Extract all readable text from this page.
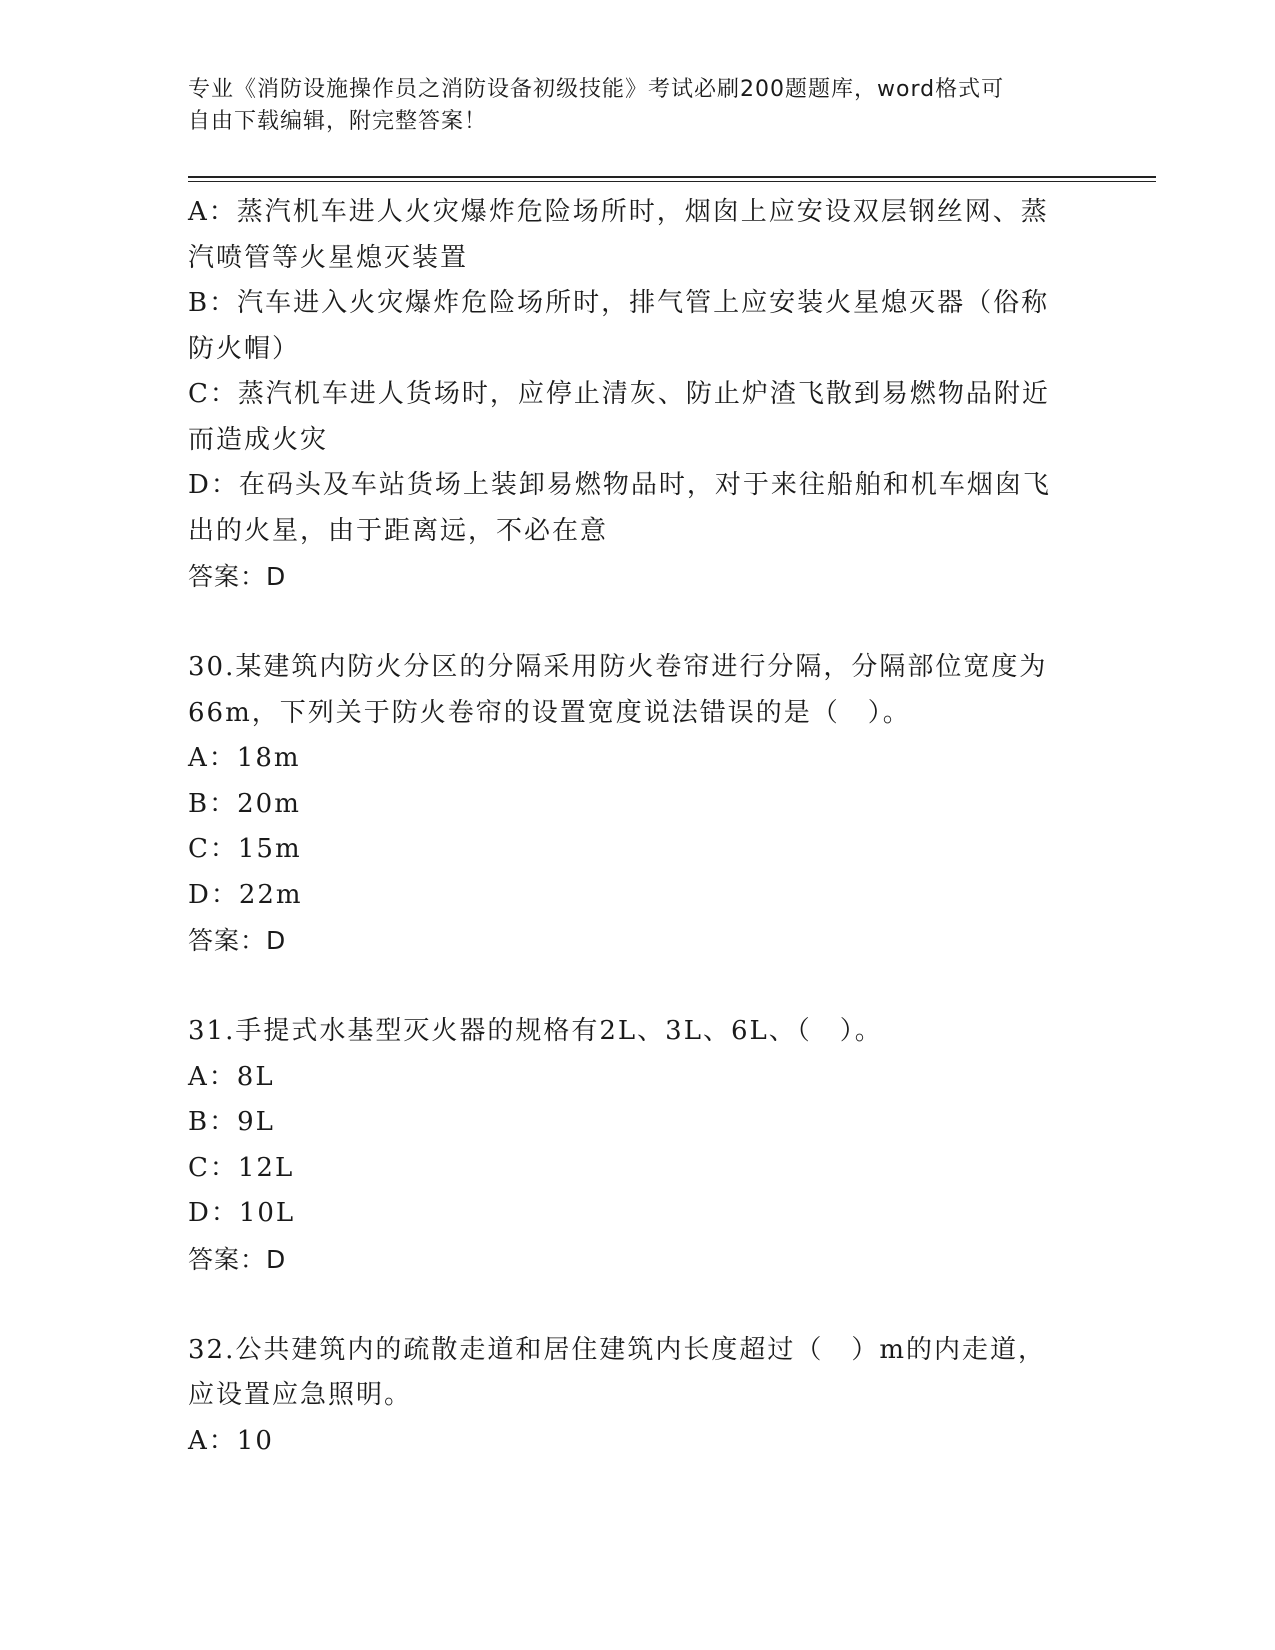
专业《消防设施操作员之消防设备初级技能》考试必刷200题题库，word格式可
自由下载编辑，附完整答案！
A：蒸汽机车进人火灾爆炸危险场所时，烟囱上应安设双层钢丝网、蒸
汽喷管等火星熄灭装置
B：汽车进入火灾爆炸危险场所时，排气管上应安装火星熄灭器（俗称
防火帽）
C：蒸汽机车进人货场时，应停止清灰、防止炉渣飞散到易燃物品附近
而造成火灾
D：在码头及车站货场上装卸易燃物品时，对于来往船舶和机车烟囱飞
出的火星，由于距离远，不必在意
答案：D
30.某建筑内防火分区的分隔采用防火卷帘进行分隔，分隔部位宽度为
66m，下列关于防火卷帘的设置宽度说法错误的是（　）。
A：18m
B：20m
C：15m
D：22m
答案：D
31.手提式水基型灭火器的规格有2L、3L、6L、（　）。
A：8L
B：9L
C：12L
D：10L
答案：D
32.公共建筑内的疏散走道和居住建筑内长度超过（　）m的内走道，
应设置应急照明。
A：10
